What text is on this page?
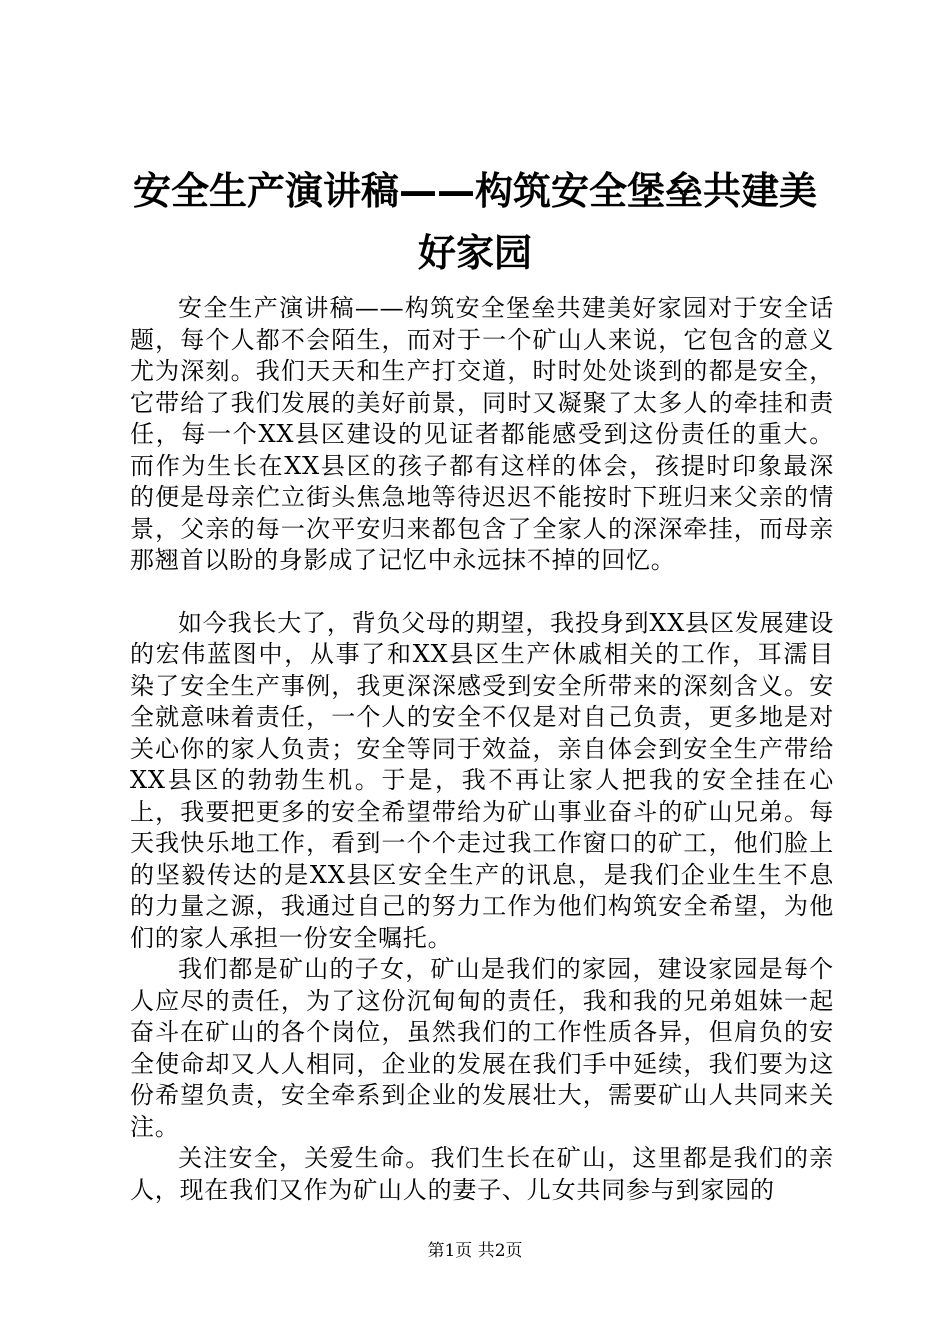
安全生产演讲稿——构筑安全堡垒共建美好家园

安全生产演讲稿——构筑安全堡垒共建美好家园对于安全话题，每个人都不会陌生，而对于一个矿山人来说，它包含的意义尤为深刻。我们天天和生产打交道，时时处处谈到的都是安全，它带给了我们发展的美好前景，同时又凝聚了太多人的牵挂和责任，每一个XX县区建设的见证者都能感受到这份责任的重大。而作为生长在XX县区的孩子都有这样的体会，孩提时印象最深的便是母亲伫立街头焦急地等待迟迟不能按时下班归来父亲的情景，父亲的每一次平安归来都包含了全家人的深深牵挂，而母亲那翘首以盼的身影成了记忆中永远抹不掉的回忆。

如今我长大了，背负父母的期望，我投身到XX县区发展建设的宏伟蓝图中，从事了和XX县区生产休戚相关的工作，耳濡目染了安全生产事例，我更深深感受到安全所带来的深刻含义。安全就意味着责任，一个人的安全不仅是对自己负责，更多地是对关心你的家人负责；安全等同于效益，亲自体会到安全生产带给XX县区的勃勃生机。于是，我不再让家人把我的安全挂在心上，我要把更多的安全希望带给为矿山事业奋斗的矿山兄弟。每天我快乐地工作，看到一个个走过我工作窗口的矿工，他们脸上的坚毅传达的是XX县区安全生产的讯息，是我们企业生生不息的力量之源，我通过自己的努力工作为他们构筑安全希望，为他们的家人承担一份安全嘱托。

我们都是矿山的子女，矿山是我们的家园，建设家园是每个人应尽的责任，为了这份沉甸甸的责任，我和我的兄弟姐妹一起奋斗在矿山的各个岗位，虽然我们的工作性质各异，但肩负的安全使命却又人人相同，企业的发展在我们手中延续，我们要为这份希望负责，安全牵系到企业的发展壮大，需要矿山人共同来关注。

关注安全，关爱生命。我们生长在矿山，这里都是我们的亲人，现在我们又作为矿山人的妻子、儿女共同参与到家园的

第1页 共2页
